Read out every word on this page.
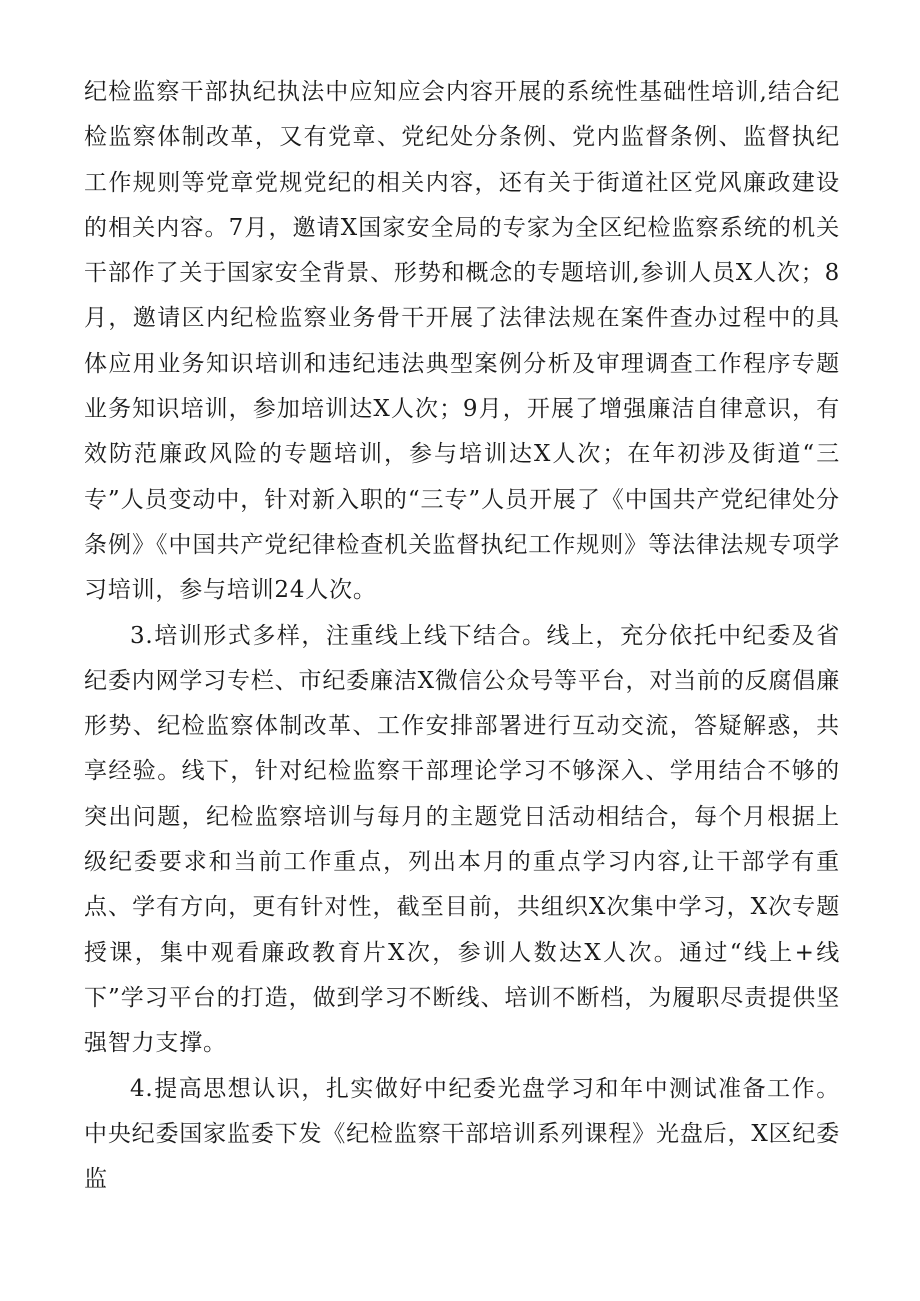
纪检监察干部执纪执法中应知应会内容开展的系统性基础性培训,结合纪检监察体制改革，又有党章、党纪处分条例、党内监督条例、监督执纪工作规则等党章党规党纪的相关内容，还有关于街道社区党风廉政建设的相关内容。7月，邀请X国家安全局的专家为全区纪检监察系统的机关干部作了关于国家安全背景、形势和概念的专题培训,参训人员X人次；8月，邀请区内纪检监察业务骨干开展了法律法规在案件查办过程中的具体应用业务知识培训和违纪违法典型案例分析及审理调查工作程序专题业务知识培训，参加培训达X人次；9月，开展了增强廉洁自律意识，有效防范廉政风险的专题培训，参与培训达X人次；在年初涉及街道“三专”人员变动中，针对新入职的“三专”人员开展了《中国共产党纪律处分条例》《中国共产党纪律检查机关监督执纪工作规则》等法律法规专项学习培训，参与培训24人次。

3.培训形式多样，注重线上线下结合。线上，充分依托中纪委及省纪委内网学习专栏、市纪委廉洁X微信公众号等平台，对当前的反腐倡廉形势、纪检监察体制改革、工作安排部署进行互动交流，答疑解惑，共享经验。线下，针对纪检监察干部理论学习不够深入、学用结合不够的突出问题，纪检监察培训与每月的主题党日活动相结合，每个月根据上级纪委要求和当前工作重点，列出本月的重点学习内容,让干部学有重点、学有方向，更有针对性，截至目前，共组织X次集中学习，X次专题授课，集中观看廉政教育片X次，参训人数达X人次。通过“线上+线下”学习平台的打造，做到学习不断线、培训不断档，为履职尽责提供坚强智力支撑。

4.提高思想认识，扎实做好中纪委光盘学习和年中测试准备工作。中央纪委国家监委下发《纪检监察干部培训系列课程》光盘后，X区纪委监
